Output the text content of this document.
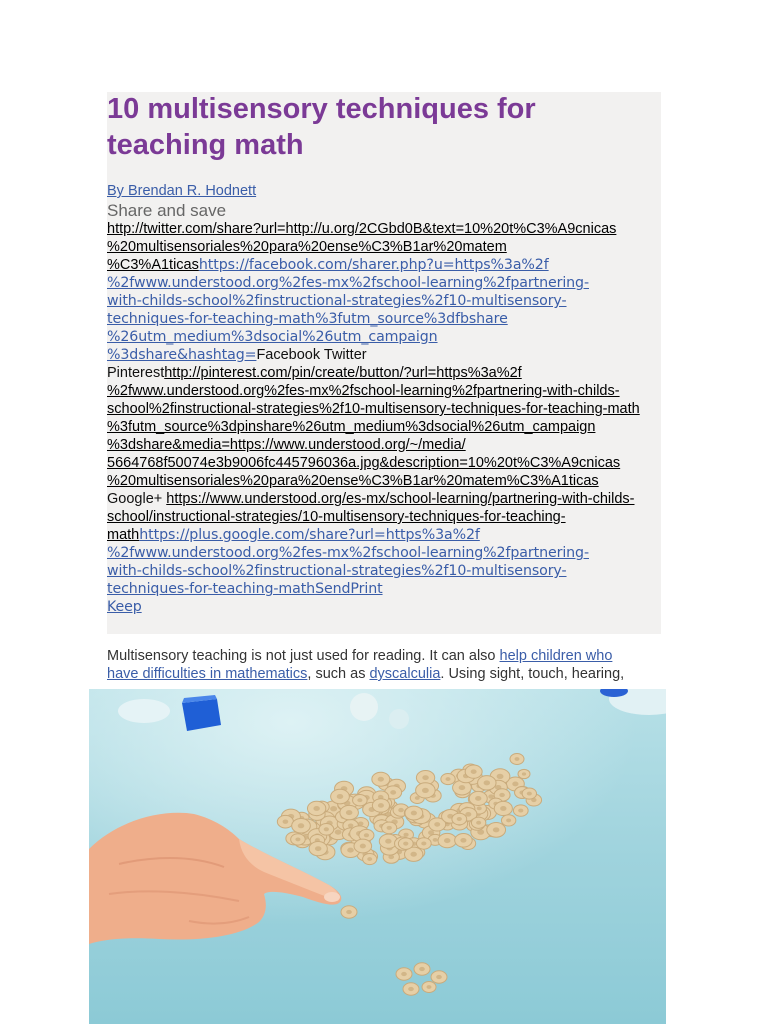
10 multisensory techniques for teaching math
By Brendan R. Hodnett
Share and save
http://twitter.com/share?url=http://u.org/2CGbd0B&text=10%20t%C3%A9cnicas
%20multisensoriales%20para%20ense%C3%B1ar%20matem
%C3%A1ticashttps://facebook.com/sharer.php?u=https%3a%2f
%2fwww.understood.org%2fes-mx%2fschool-learning%2fpartnering-
with-childs-school%2finstructional-strategies%2f10-multisensory-
techniques-for-teaching-math%3futm_source%3dfbshare
%26utm_medium%3dsocial%26utm_campaign
%3dshare&hashtag=Facebook Twitter
Pinteresthttp://pinterest.com/pin/create/button/?url=https%3a%2f
%2fwww.understood.org%2fes-mx%2fschool-learning%2fpartnering-with-childs-
school%2finstructional-strategies%2f10-multisensory-techniques-for-teaching-math
%3futm_source%3dpinshare%26utm_medium%3dsocial%26utm_campaign
%3dshare&media=https://www.understood.org/~/media/
5664768f50074e3b9006fc445796036a.jpg&description=10%20t%C3%A9cnicas
%20multisensoriales%20para%20ense%C3%B1ar%20matem%C3%A1ticas
Google+ https://www.understood.org/es-mx/school-learning/partnering-with-childs-
school/instructional-strategies/10-multisensory-techniques-for-teaching-
mathhttps://plus.google.com/share?url=https%3a%2f
%2fwww.understood.org%2fes-mx%2fschool-learning%2fpartnering-
with-childs-school%2finstructional-strategies%2f10-multisensory-
techniques-for-teaching-mathSendPrint
Keep
Multisensory teaching is not just used for reading. It can also help children who
have difficulties in mathematics, such as dyscalculia. Using sight, touch, hearing,
